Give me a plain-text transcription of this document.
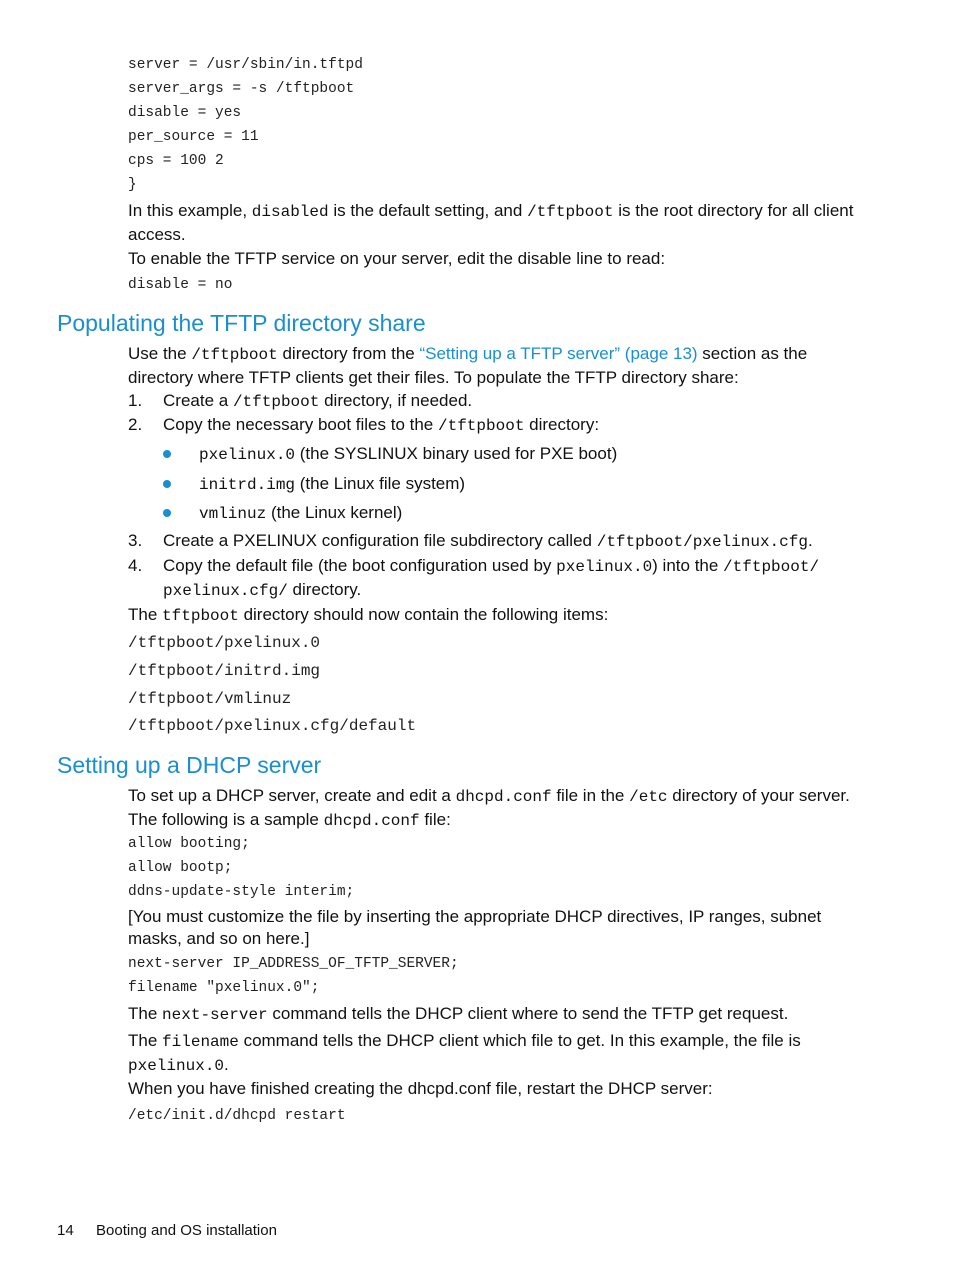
server = /usr/sbin/in.tftpd
server_args = -s /tftpboot
disable = yes
per_source = 11
cps = 100 2
}
In this example, disabled is the default setting, and /tftpboot is the root directory for all client access.
To enable the TFTP service on your server, edit the disable line to read:
disable = no
Populating the TFTP directory share
Use the /tftpboot directory from the “Setting up a TFTP server” (page 13) section as the directory where TFTP clients get their files. To populate the TFTP directory share:
1. Create a /tftpboot directory, if needed.
2. Copy the necessary boot files to the /tftpboot directory:
pxelinux.0 (the SYSLINUX binary used for PXE boot)
initrd.img (the Linux file system)
vmlinuz (the Linux kernel)
3. Create a PXELINUX configuration file subdirectory called /tftpboot/pxelinux.cfg.
4. Copy the default file (the boot configuration used by pxelinux.0) into the /tftpboot/
pxelinux.cfg/ directory.
The tftpboot directory should now contain the following items:
/tftpboot/pxelinux.0
/tftpboot/initrd.img
/tftpboot/vmlinuz
/tftpboot/pxelinux.cfg/default
Setting up a DHCP server
To set up a DHCP server, create and edit a dhcpd.conf file in the /etc directory of your server. The following is a sample dhcpd.conf file:
allow booting;
allow bootp;
ddns-update-style interim;
[You must customize the file by inserting the appropriate DHCP directives, IP ranges, subnet masks, and so on here.]
next-server IP_ADDRESS_OF_TFTP_SERVER;
filename "pxelinux.0";
The next-server command tells the DHCP client where to send the TFTP get request.
The filename command tells the DHCP client which file to get. In this example, the file is pxelinux.0.
When you have finished creating the dhcpd.conf file, restart the DHCP server:
/etc/init.d/dhcpd restart
14 Booting and OS installation
